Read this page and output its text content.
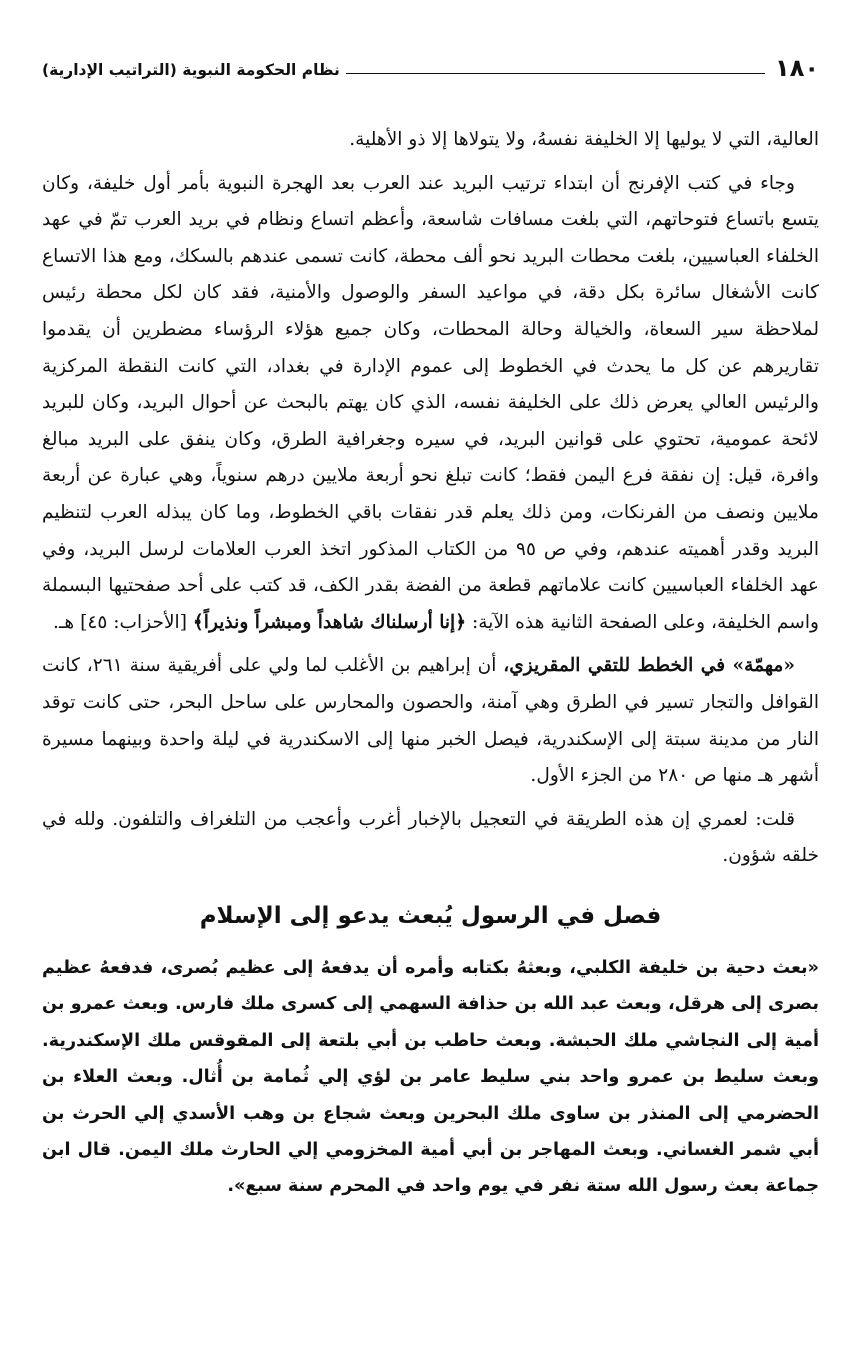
١٨٠
نظام الحكومة النبوية (التراتيب الإدارية)

العالية، التي لا يوليها إلا الخليفة نفسهُ، ولا يتولاها إلا ذو الأهلية.

وجاء في كتب الإفرنج أن ابتداء ترتيب البريد عند العرب بعد الهجرة النبوية بأمر أول خليفة، وكان يتسع باتساع فتوحاتهم، التي بلغت مسافات شاسعة، وأعظم اتساع ونظام في بريد العرب تمّ في عهد الخلفاء العباسيين، بلغت محطات البريد نحو ألف محطة، كانت تسمى عندهم بالسكك، ومع هذا الاتساع كانت الأشغال سائرة بكل دقة، في مواعيد السفر والوصول والأمنية، فقد كان لكل محطة رئيس لملاحظة سير السعاة، والخيالة وحالة المحطات، وكان جميع هؤلاء الرؤساء مضطرين أن يقدموا تقاريرهم عن كل ما يحدث في الخطوط إلى عموم الإدارة في بغداد، التي كانت النقطة المركزية والرئيس العالي يعرض ذلك على الخليفة نفسه، الذي كان يهتم بالبحث عن أحوال البريد، وكان للبريد لائحة عمومية، تحتوي على قوانين البريد، في سيره وجغرافية الطرق، وكان ينفق على البريد مبالغ وافرة، قيل: إن نفقة فرع اليمن فقط؛ كانت تبلغ نحو أربعة ملايين درهم سنوياً، وهي عبارة عن أربعة ملايين ونصف من الفرنكات، ومن ذلك يعلم قدر نفقات باقي الخطوط، وما كان يبذله العرب لتنظيم البريد وقدر أهميته عندهم، وفي ص ٩٥ من الكتاب المذكور اتخذ العرب العلامات لرسل البريد، وفي عهد الخلفاء العباسيين كانت علاماتهم قطعة من الفضة بقدر الكف، قد كتب على أحد صفحتيها البسملة واسم الخليفة، وعلى الصفحة الثانية هذه الآية: ﴿إنا أرسلناك شاهداً ومبشراً ونذيراً﴾ [الأحزاب: ٤٥] هـ.

«مهمّة» في الخطط للتقي المقريزي، أن إبراهيم بن الأغلب لما ولي على أفريقية سنة ٢٦١، كانت القوافل والتجار تسير في الطرق وهي آمنة، والحصون والمحارس على ساحل البحر، حتى كانت توقد النار من مدينة سبتة إلى الإسكندرية، فيصل الخبر منها إلى الاسكندرية في ليلة واحدة وبينهما مسيرة أشهر هـ منها ص ٢٨٠ من الجزء الأول.

قلت: لعمري إن هذه الطريقة في التعجيل بالإخبار أغرب وأعجب من التلغراف والتلفون. ولله في خلقه شؤون.

فصل في الرسول يُبعث يدعو إلى الإسلام

«بعث دحية بن خليفة الكلبي، وبعثهُ بكتابه وأمره أن يدفعهُ إلى عظيم بُصرى، فدفعهُ عظيم بصرى إلى هرقل، وبعث عبد الله بن حذافة السهمي إلى كسرى ملك فارس. وبعث عمرو بن أمية إلى النجاشي ملك الحبشة. وبعث حاطب بن أبي بلتعة إلى المقوقس ملك الإسكندرية. وبعث سليط بن عمرو واحد بني سليط عامر بن لؤي إلي ثُمامة بن أُثال. وبعث العلاء بن الحضرمي إلى المنذر بن ساوى ملك البحرين وبعث شجاع بن وهب الأسدي إلي الحرث بن أبي شمر الغساني. وبعث المهاجر بن أبي أمية المخزومي إلي الحارث ملك اليمن. قال ابن جماعة بعث رسول الله ستة نفر في يوم واحد في المحرم سنة سبع».
